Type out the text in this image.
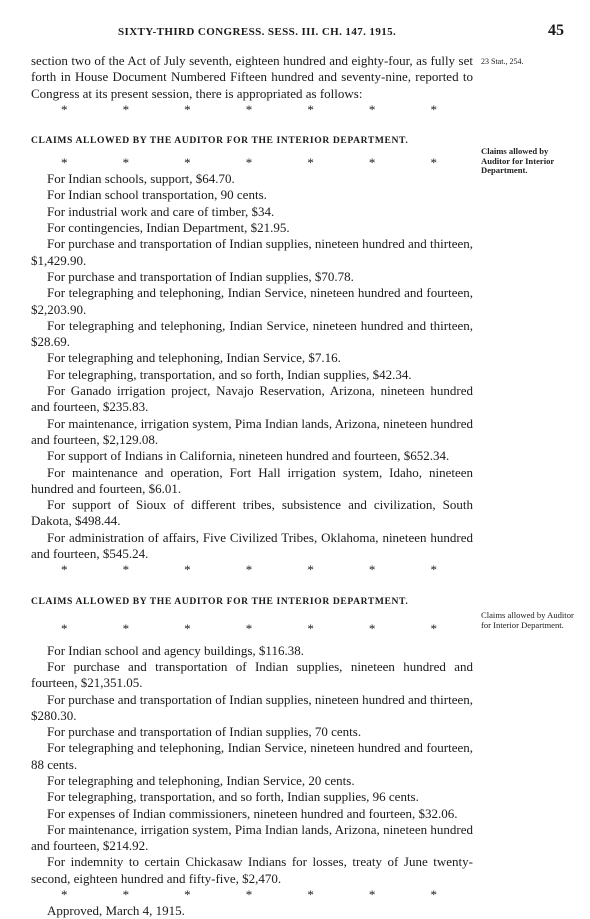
SIXTY-THIRD CONGRESS. SESS. III. CH. 147. 1915.	45
23 Stat., 254.
Claims allowed by Auditor for Interior Department.
Claims allowed by Auditor for Interior Department.

section two of the Act of July seventh, eighteen hundred and eighty-four, as fully set forth in House Document Numbered Fifteen hundred and seventy-nine, reported to Congress at its present session, there is appropriated as follows:

*	*	*	*	*	*	*
CLAIMS ALLOWED BY THE AUDITOR FOR THE INTERIOR DEPARTMENT.
*	*	*	*	*	*	*

For Indian schools, support, $64.70.

For Indian school transportation, 90 cents.

For industrial work and care of timber, $34.

For contingencies, Indian Department, $21.95.

For purchase and transportation of Indian supplies, nineteen hundred and thirteen, $1,429.90.

For purchase and transportation of Indian supplies, $70.78.

For telegraphing and telephoning, Indian Service, nineteen hundred and fourteen, $2,203.90.

For telegraphing and telephoning, Indian Service, nineteen hundred and thirteen, $28.69.

For telegraphing and telephoning, Indian Service, $7.16.

For telegraphing, transportation, and so forth, Indian supplies, $42.34.

For Ganado irrigation project, Navajo Reservation, Arizona, nineteen hundred and fourteen, $235.83.

For maintenance, irrigation system, Pima Indian lands, Arizona, nineteen hundred and fourteen, $2,129.08.

For support of Indians in California, nineteen hundred and fourteen, $652.34.

For maintenance and operation, Fort Hall irrigation system, Idaho, nineteen hundred and fourteen, $6.01.

For support of Sioux of different tribes, subsistence and civilization, South Dakota, $498.44.

For administration of affairs, Five Civilized Tribes, Oklahoma, nineteen hundred and fourteen, $545.24.

*	*	*	*	*	*	*
CLAIMS ALLOWED BY THE AUDITOR FOR THE INTERIOR DEPARTMENT.
*	*	*	*	*	*	*

For Indian school and agency buildings, $116.38.

For purchase and transportation of Indian supplies, nineteen hundred and fourteen, $21,351.05.

For purchase and transportation of Indian supplies, nineteen hundred and thirteen, $280.30.

For purchase and transportation of Indian supplies, 70 cents.

For telegraphing and telephoning, Indian Service, nineteen hundred and fourteen, 88 cents.

For telegraphing and telephoning, Indian Service, 20 cents.

For telegraphing, transportation, and so forth, Indian supplies, 96 cents.

For expenses of Indian commissioners, nineteen hundred and fourteen, $32.06.

For maintenance, irrigation system, Pima Indian lands, Arizona, nineteen hundred and fourteen, $214.92.

For indemnity to certain Chickasaw Indians for losses, treaty of June twenty-second, eighteen hundred and fifty-five, $2,470.

*	*	*	*	*	*	*

Approved, March 4, 1915.
